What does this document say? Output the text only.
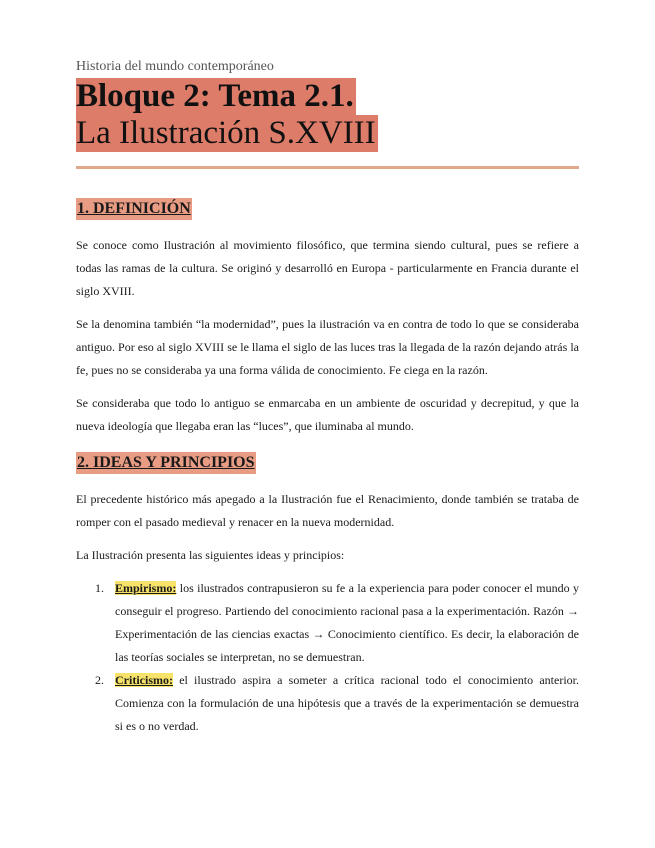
Historia del mundo contemporáneo

Bloque 2: Tema 2.1.
La Ilustración S.XVIII
1. DEFINICIÓN

Se conoce como Ilustración al movimiento filosófico, que termina siendo cultural, pues se refiere a todas las ramas de la cultura. Se originó y desarrolló en Europa - particularmente en Francia durante el siglo XVIII.

Se la denomina también “la modernidad”, pues la ilustración va en contra de todo lo que se consideraba antiguo. Por eso al siglo XVIII se le llama el siglo de las luces tras la llegada de la razón dejando atrás la fe, pues no se consideraba ya una forma válida de conocimiento. Fe ciega en la razón.

Se consideraba que todo lo antiguo se enmarcaba en un ambiente de oscuridad y decrepitud, y que la nueva ideología que llegaba eran las “luces”, que iluminaba al mundo.

2. IDEAS Y PRINCIPIOS

El precedente histórico más apegado a la Ilustración fue el Renacimiento, donde también se trataba de romper con el pasado medieval y renacer en la nueva modernidad.

La Ilustración presenta las siguientes ideas y principios:

1. Empirismo: los ilustrados contrapusieron su fe a la experiencia para poder conocer el mundo y conseguir el progreso. Partiendo del conocimiento racional pasa a la experimentación. Razón → Experimentación de las ciencias exactas → Conocimiento científico. Es decir, la elaboración de las teorías sociales se interpretan, no se demuestran.
2. Criticismo: el ilustrado aspira a someter a crítica racional todo el conocimiento anterior. Comienza con la formulación de una hipótesis que a través de la experimentación se demuestra si es o no verdad.
